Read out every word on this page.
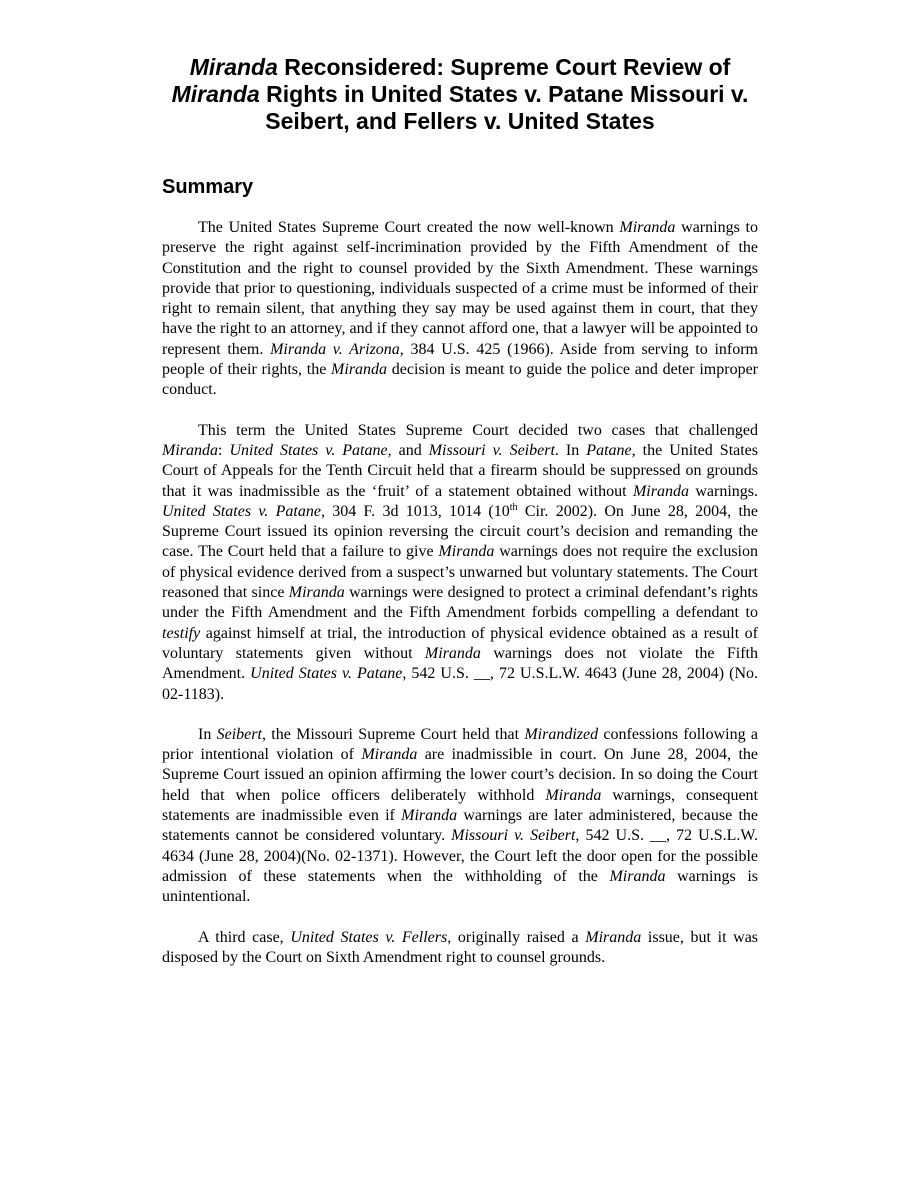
Miranda Reconsidered: Supreme Court Review of
Miranda Rights in United States v. Patane Missouri v. Seibert, and Fellers v. United States
Summary

The United States Supreme Court created the now well-known Miranda warnings to preserve the right against self-incrimination provided by the Fifth Amendment of the Constitution and the right to counsel provided by the Sixth Amendment. These warnings provide that prior to questioning, individuals suspected of a crime must be informed of their right to remain silent, that anything they say may be used against them in court, that they have the right to an attorney, and if they cannot afford one, that a lawyer will be appointed to represent them. Miranda v. Arizona, 384 U.S. 425 (1966). Aside from serving to inform people of their rights, the Miranda decision is meant to guide the police and deter improper conduct.

This term the United States Supreme Court decided two cases that challenged Miranda: United States v. Patane, and Missouri v. Seibert. In Patane, the United States Court of Appeals for the Tenth Circuit held that a firearm should be suppressed on grounds that it was inadmissible as the ‘fruit’ of a statement obtained without Miranda warnings. United States v. Patane, 304 F. 3d 1013, 1014 (10th Cir. 2002). On June 28, 2004, the Supreme Court issued its opinion reversing the circuit court’s decision and remanding the case. The Court held that a failure to give Miranda warnings does not require the exclusion of physical evidence derived from a suspect’s unwarned but voluntary statements. The Court reasoned that since Miranda warnings were designed to protect a criminal defendant’s rights under the Fifth Amendment and the Fifth Amendment forbids compelling a defendant to testify against himself at trial, the introduction of physical evidence obtained as a result of voluntary statements given without Miranda warnings does not violate the Fifth Amendment. United States v. Patane, 542 U.S. __, 72 U.S.L.W. 4643 (June 28, 2004) (No. 02-1183).

In Seibert, the Missouri Supreme Court held that Mirandized confessions following a prior intentional violation of Miranda are inadmissible in court. On June 28, 2004, the Supreme Court issued an opinion affirming the lower court’s decision. In so doing the Court held that when police officers deliberately withhold Miranda warnings, consequent statements are inadmissible even if Miranda warnings are later administered, because the statements cannot be considered voluntary. Missouri v. Seibert, 542 U.S. __, 72 U.S.L.W. 4634 (June 28, 2004)(No. 02-1371). However, the Court left the door open for the possible admission of these statements when the withholding of the Miranda warnings is unintentional.

A third case, United States v. Fellers, originally raised a Miranda issue, but it was disposed by the Court on Sixth Amendment right to counsel grounds.
